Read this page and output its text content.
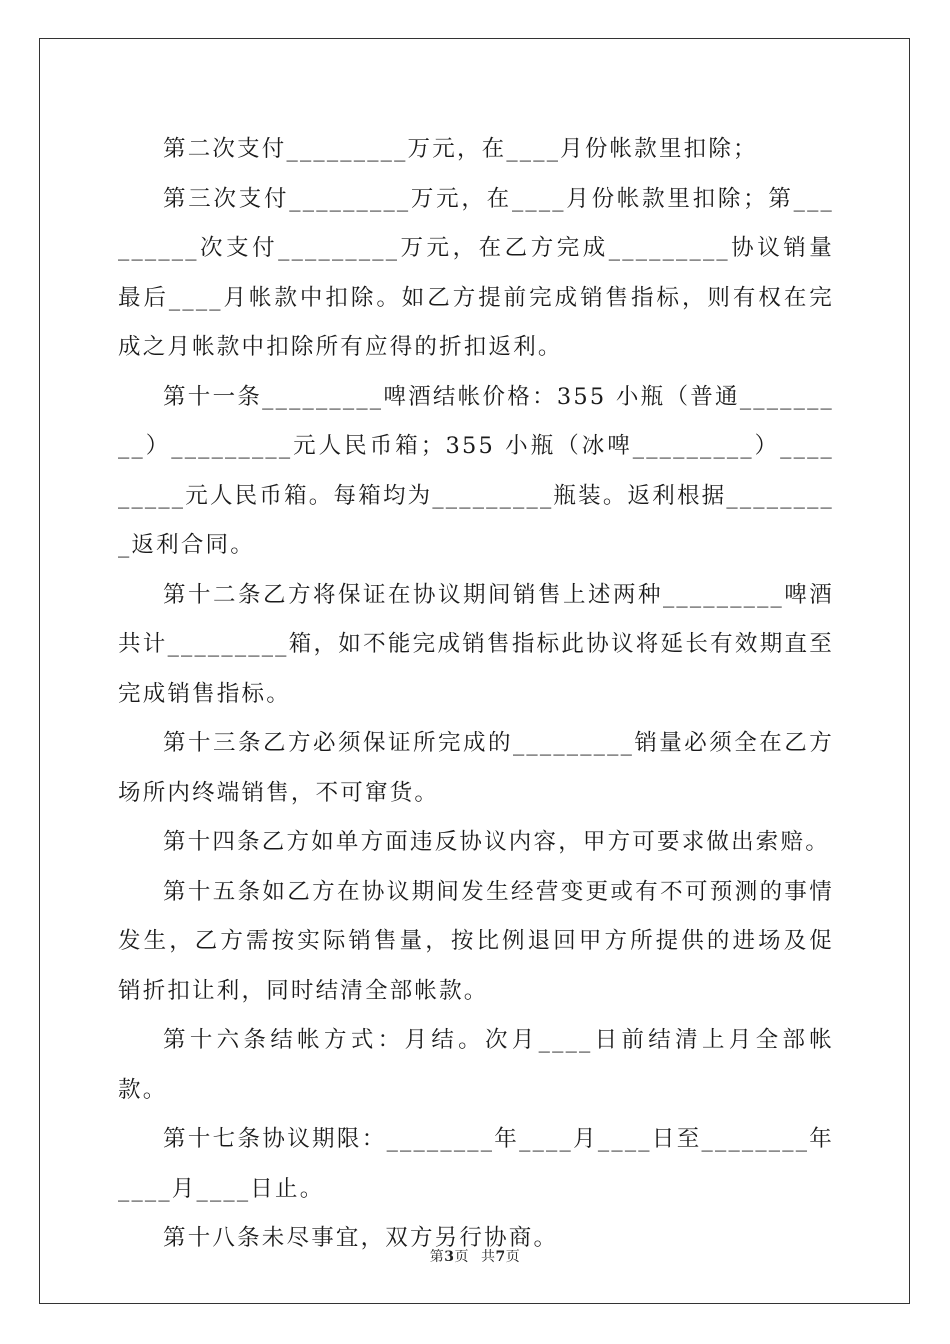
第二次支付_________万元，在____月份帐款里扣除；

第三次支付_________万元，在____月份帐款里扣除；第_________次支付_________万元，在乙方完成_________协议销量最后____月帐款中扣除。如乙方提前完成销售指标，则有权在完成之月帐款中扣除所有应得的折扣返利。

第十一条_________啤酒结帐价格：355 小瓶（普通_________）_________元人民币箱；355 小瓶（冰啤_________）_________元人民币箱。每箱均为_________瓶装。返利根据_________返利合同。

第十二条乙方将保证在协议期间销售上述两种_________啤酒共计_________箱，如不能完成销售指标此协议将延长有效期直至完成销售指标。

第十三条乙方必须保证所完成的_________销量必须全在乙方场所内终端销售，不可窜货。

第十四条乙方如单方面违反协议内容，甲方可要求做出索赔。

第十五条如乙方在协议期间发生经营变更或有不可预测的事情发生，乙方需按实际销售量，按比例退回甲方所提供的进场及促销折扣让利，同时结清全部帐款。

第十六条结帐方式：月结。次月____日前结清上月全部帐款。

第十七条协议期限：________年____月____日至________年____月____日止。

第十八条未尽事宜，双方另行协商。

第3页 共7页
